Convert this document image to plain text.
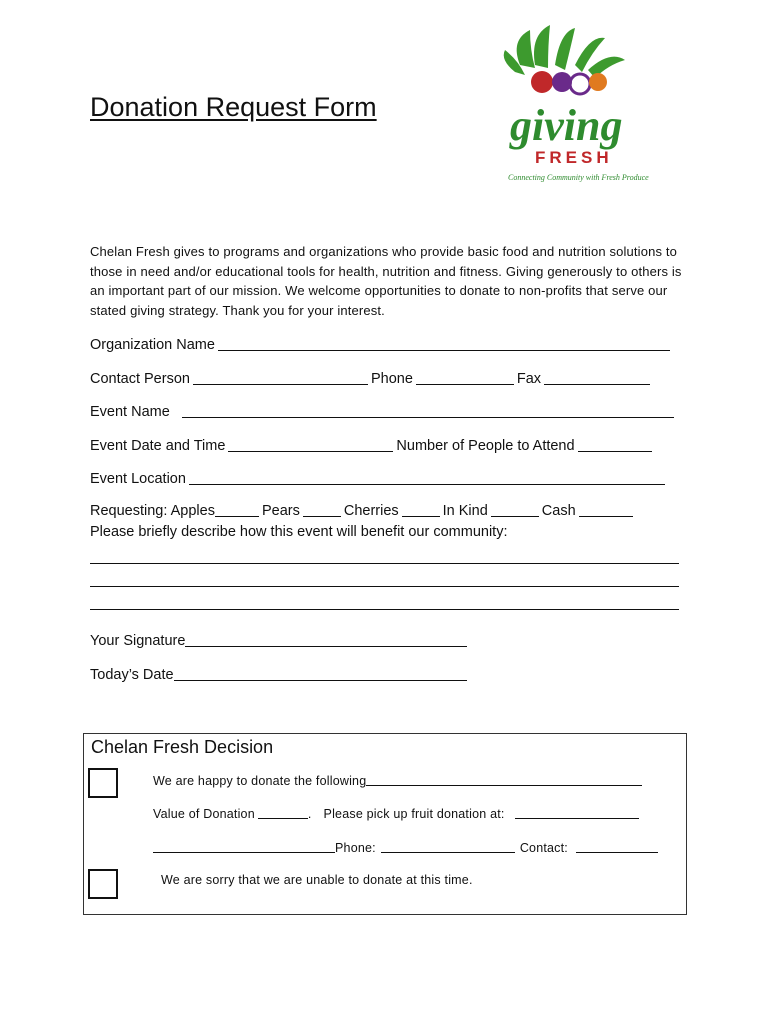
Donation Request Form	giving
FRESH
Connecting Community with Fresh Produce
Chelan Fresh gives to programs and organizations who provide basic food and nutrition solutions to those in need and/or educational tools for health, nutrition and fitness. Giving generously to others is an important part of our mission. We welcome opportunities to donate to non-profits that serve our stated giving strategy. Thank you for your interest.
Organization Name
Contact Person	Phone	Fax
Event Name
Event Date and Time	Number of People to Attend
Event Location
Requesting: Apples	Pears	Cherries	In Kind	Cash
Please briefly describe how this event will benefit our community:
Your Signature
Today’s Date
Chelan Fresh Decision
We are happy to donate the following
Value of Donation	. Please pick up fruit donation at:
Phone:	Contact:
We are sorry that we are unable to donate at this time.
